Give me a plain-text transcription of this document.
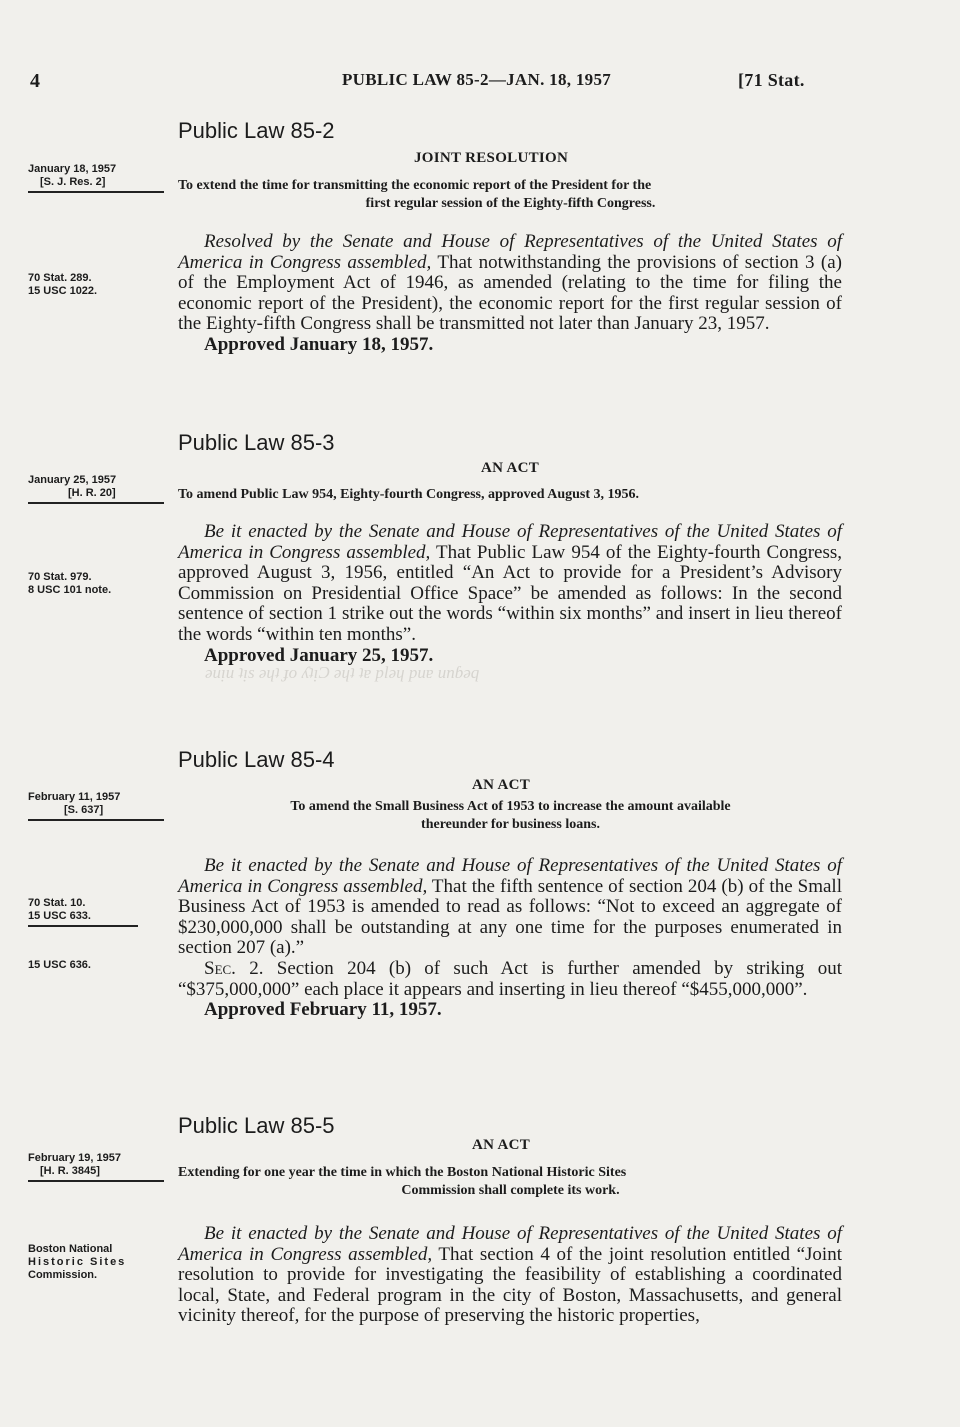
ǝuᴉu ʇᴉs ǝɥʇ ɟo ʎʇᴉƆ ǝɥʇ ʇɐ plǝɥ puɐ unɓǝq
4	PUBLIC LAW 85-2—JAN. 18, 1957	[71 Stat.
Public Law 85-2
JOINT RESOLUTION
January 18, 1957
[S. J. Res. 2]	To extend the time for transmitting the economic report of the President for the
first regular session of the Eighty-fifth Congress.
70 Stat. 289.
15 USC 1022.
Resolved by the Senate and House of Representatives of the United States of America in Congress assembled, That notwithstanding the provisions of section 3 (a) of the Employment Act of 1946, as amended (relating to the time for filing the economic report of the President), the economic report for the first regular session of the Eighty-fifth Congress shall be transmitted not later than January 23, 1957.
Approved January 18, 1957.
Public Law 85-3
AN ACT
January 25, 1957
[H. R. 20]	To amend Public Law 954, Eighty-fourth Congress, approved August 3, 1956.
70 Stat. 979.
8 USC 101 note.
Be it enacted by the Senate and House of Representatives of the United States of America in Congress assembled, That Public Law 954 of the Eighty-fourth Congress, approved August 3, 1956, entitled “An Act to provide for a President’s Advisory Commission on Presidential Office Space” be amended as follows: In the second sentence of section 1 strike out the words “within six months” and insert in lieu thereof the words “within ten months”.
Approved January 25, 1957.
Public Law 85-4
AN ACT
February 11, 1957
[S. 637]	To amend the Small Business Act of 1953 to increase the amount available
thereunder for business loans.
70 Stat. 10.
15 USC 633.
15 USC 636.
Be it enacted by the Senate and House of Representatives of the United States of America in Congress assembled, That the fifth sentence of section 204 (b) of the Small Business Act of 1953 is amended to read as follows: “Not to exceed an aggregate of $230,000,000 shall be outstanding at any one time for the purposes enumerated in section 207 (a).”
Sec. 2. Section 204 (b) of such Act is further amended by striking out “$375,000,000” each place it appears and inserting in lieu thereof “$455,000,000”.
Approved February 11, 1957.
Public Law 85-5
AN ACT
February 19, 1957
[H. R. 3845]	Extending for one year the time in which the Boston National Historic Sites
Commission shall complete its work.
Boston National
Historic Sites
Commission.
Be it enacted by the Senate and House of Representatives of the United States of America in Congress assembled, That section 4 of the joint resolution entitled “Joint resolution to provide for investigating the feasibility of establishing a coordinated local, State, and Federal program in the city of Boston, Massachusetts, and general vicinity thereof, for the purpose of preserving the historic properties,
